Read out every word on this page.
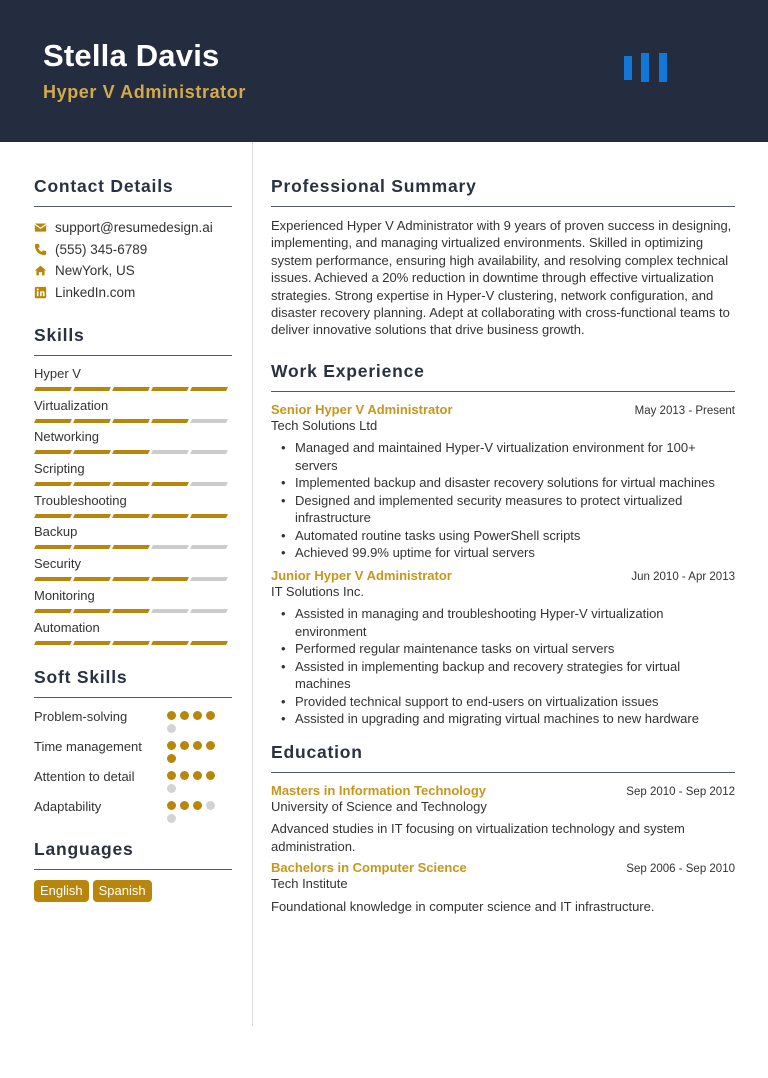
Stella Davis
Hyper V Administrator
Contact Details
support@resumedesign.ai
(555) 345-6789
NewYork, US
LinkedIn.com
Skills
Hyper V
Virtualization
Networking
Scripting
Troubleshooting
Backup
Security
Monitoring
Automation
Soft Skills
Problem-solving
Time management
Attention to detail
Adaptability
Languages
English	Spanish
Professional Summary

Experienced Hyper V Administrator with 9 years of proven success in designing, implementing, and managing virtualized environments. Skilled in optimizing system performance, ensuring high availability, and resolving complex technical issues. Achieved a 20% reduction in downtime through effective virtualization strategies. Strong expertise in Hyper-V clustering, network configuration, and disaster recovery planning. Adept at collaborating with cross-functional teams to deliver innovative solutions that drive business growth.

Work Experience
Senior Hyper V Administrator	May 2013 - Present
Tech Solutions Ltd
• Managed and maintained Hyper-V virtualization environment for 100+ servers
• Implemented backup and disaster recovery solutions for virtual machines
• Designed and implemented security measures to protect virtualized infrastructure
• Automated routine tasks using PowerShell scripts
• Achieved 99.9% uptime for virtual servers
Junior Hyper V Administrator	Jun 2010 - Apr 2013
IT Solutions Inc.
• Assisted in managing and troubleshooting Hyper-V virtualization environment
• Performed regular maintenance tasks on virtual servers
• Assisted in implementing backup and recovery strategies for virtual machines
• Provided technical support to end-users on virtualization issues
• Assisted in upgrading and migrating virtual machines to new hardware
Education
Masters in Information Technology	Sep 2010 - Sep 2012
University of Science and Technology
Advanced studies in IT focusing on virtualization technology and system administration.
Bachelors in Computer Science	Sep 2006 - Sep 2010
Tech Institute
Foundational knowledge in computer science and IT infrastructure.
